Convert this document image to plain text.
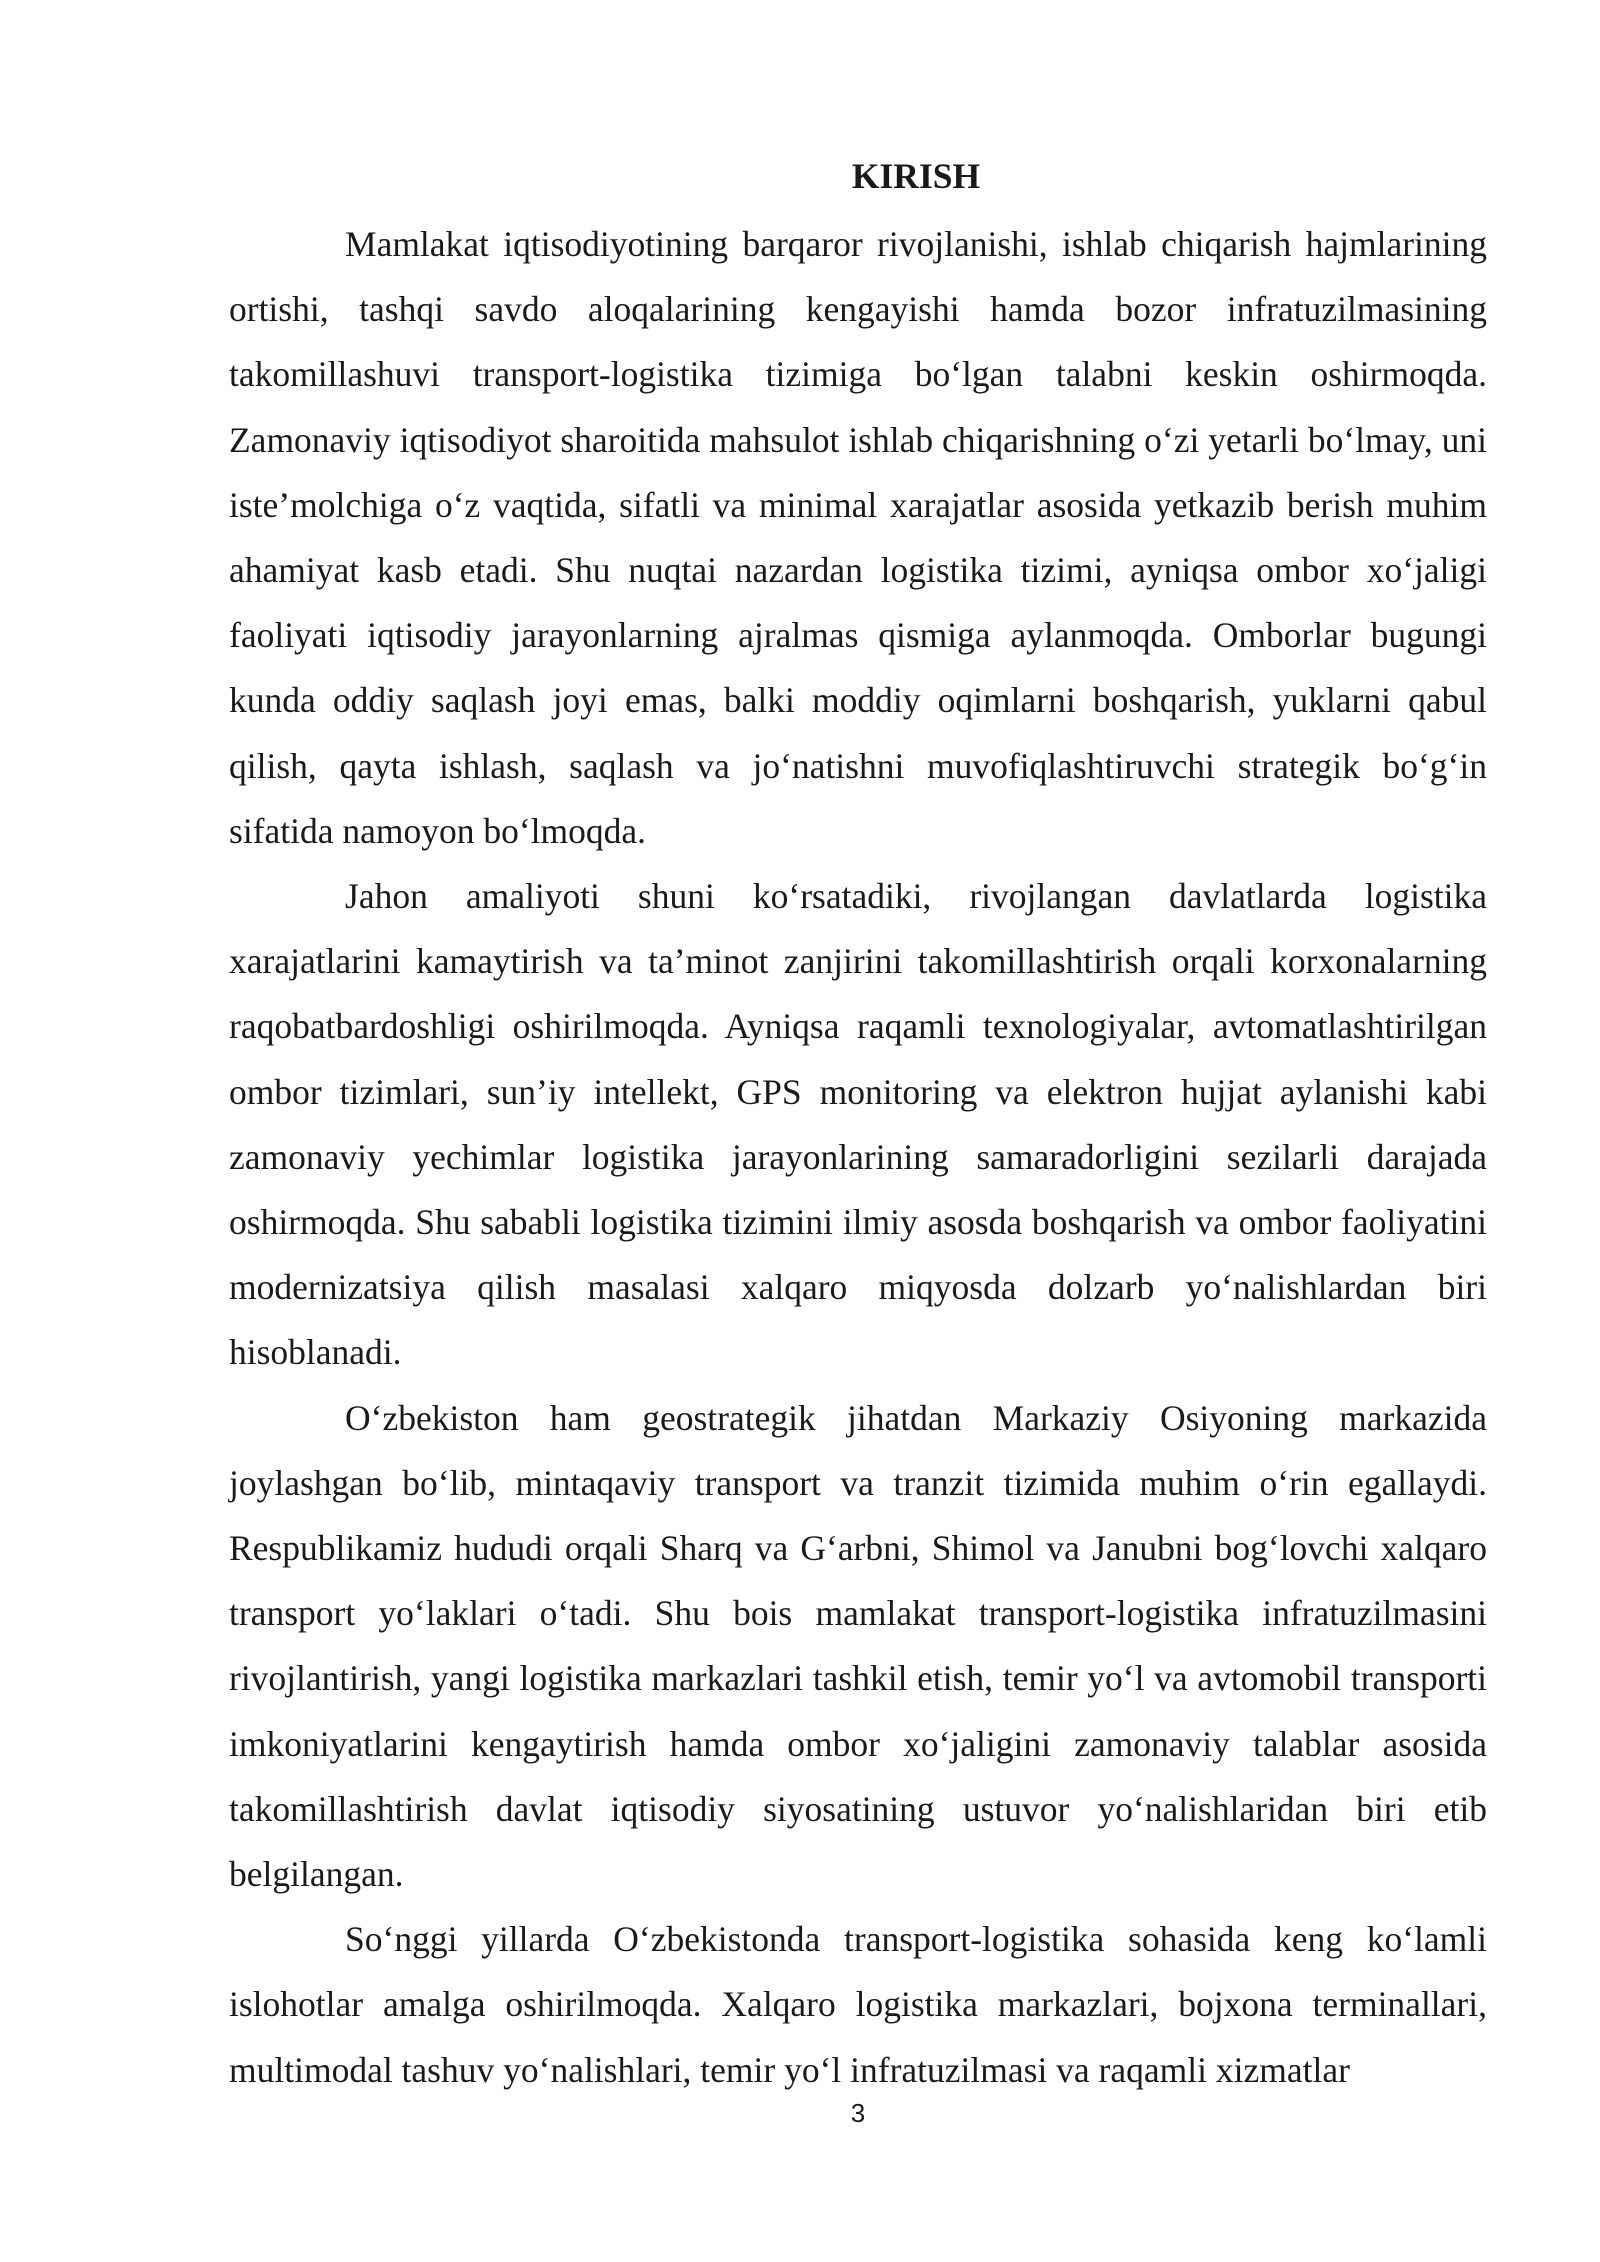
KIRISH

Mamlakat iqtisodiyotining barqaror rivojlanishi, ishlab chiqarish hajmlarining ortishi, tashqi savdo aloqalarining kengayishi hamda bozor infratuzilmasining takomillashuvi transport-logistika tizimiga bo‘lgan talabni keskin oshirmoqda. Zamonaviy iqtisodiyot sharoitida mahsulot ishlab chiqarishning o‘zi yetarli bo‘lmay, uni iste’molchiga o‘z vaqtida, sifatli va minimal xarajatlar asosida yetkazib berish muhim ahamiyat kasb etadi. Shu nuqtai nazardan logistika tizimi, ayniqsa ombor xo‘jaligi faoliyati iqtisodiy jarayonlarning ajralmas qismiga aylanmoqda. Omborlar bugungi kunda oddiy saqlash joyi emas, balki moddiy oqimlarni boshqarish, yuklarni qabul qilish, qayta ishlash, saqlash va jo‘natishni muvofiqlashtiruvchi strategik bo‘g‘in sifatida namoyon bo‘lmoqda.

Jahon amaliyoti shuni ko‘rsatadiki, rivojlangan davlatlarda logistika xarajatlarini kamaytirish va ta’minot zanjirini takomillashtirish orqali korxonalarning raqobatbardoshligi oshirilmoqda. Ayniqsa raqamli texnologiyalar, avtomatlashtirilgan ombor tizimlari, sun’iy intellekt, GPS monitoring va elektron hujjat aylanishi kabi zamonaviy yechimlar logistika jarayonlarining samaradorligini sezilarli darajada oshirmoqda. Shu sababli logistika tizimini ilmiy asosda boshqarish va ombor faoliyatini modernizatsiya qilish masalasi xalqaro miqyosda dolzarb yo‘nalishlardan biri hisoblanadi.

O‘zbekiston ham geostrategik jihatdan Markaziy Osiyoning markazida joylashgan bo‘lib, mintaqaviy transport va tranzit tizimida muhim o‘rin egallaydi. Respublikamiz hududi orqali Sharq va G‘arbni, Shimol va Janubni bog‘lovchi xalqaro transport yo‘laklari o‘tadi. Shu bois mamlakat transport-logistika infratuzilmasini rivojlantirish, yangi logistika markazlari tashkil etish, temir yo‘l va avtomobil transporti imkoniyatlarini kengaytirish hamda ombor xo‘jaligini zamonaviy talablar asosida takomillashtirish davlat iqtisodiy siyosatining ustuvor yo‘nalishlaridan biri etib belgilangan.

So‘nggi yillarda O‘zbekistonda transport-logistika sohasida keng ko‘lamli islohotlar amalga oshirilmoqda. Xalqaro logistika markazlari, bojxona terminallari, multimodal tashuv yo‘nalishlari, temir yo‘l infratuzilmasi va raqamli xizmatlar

3
